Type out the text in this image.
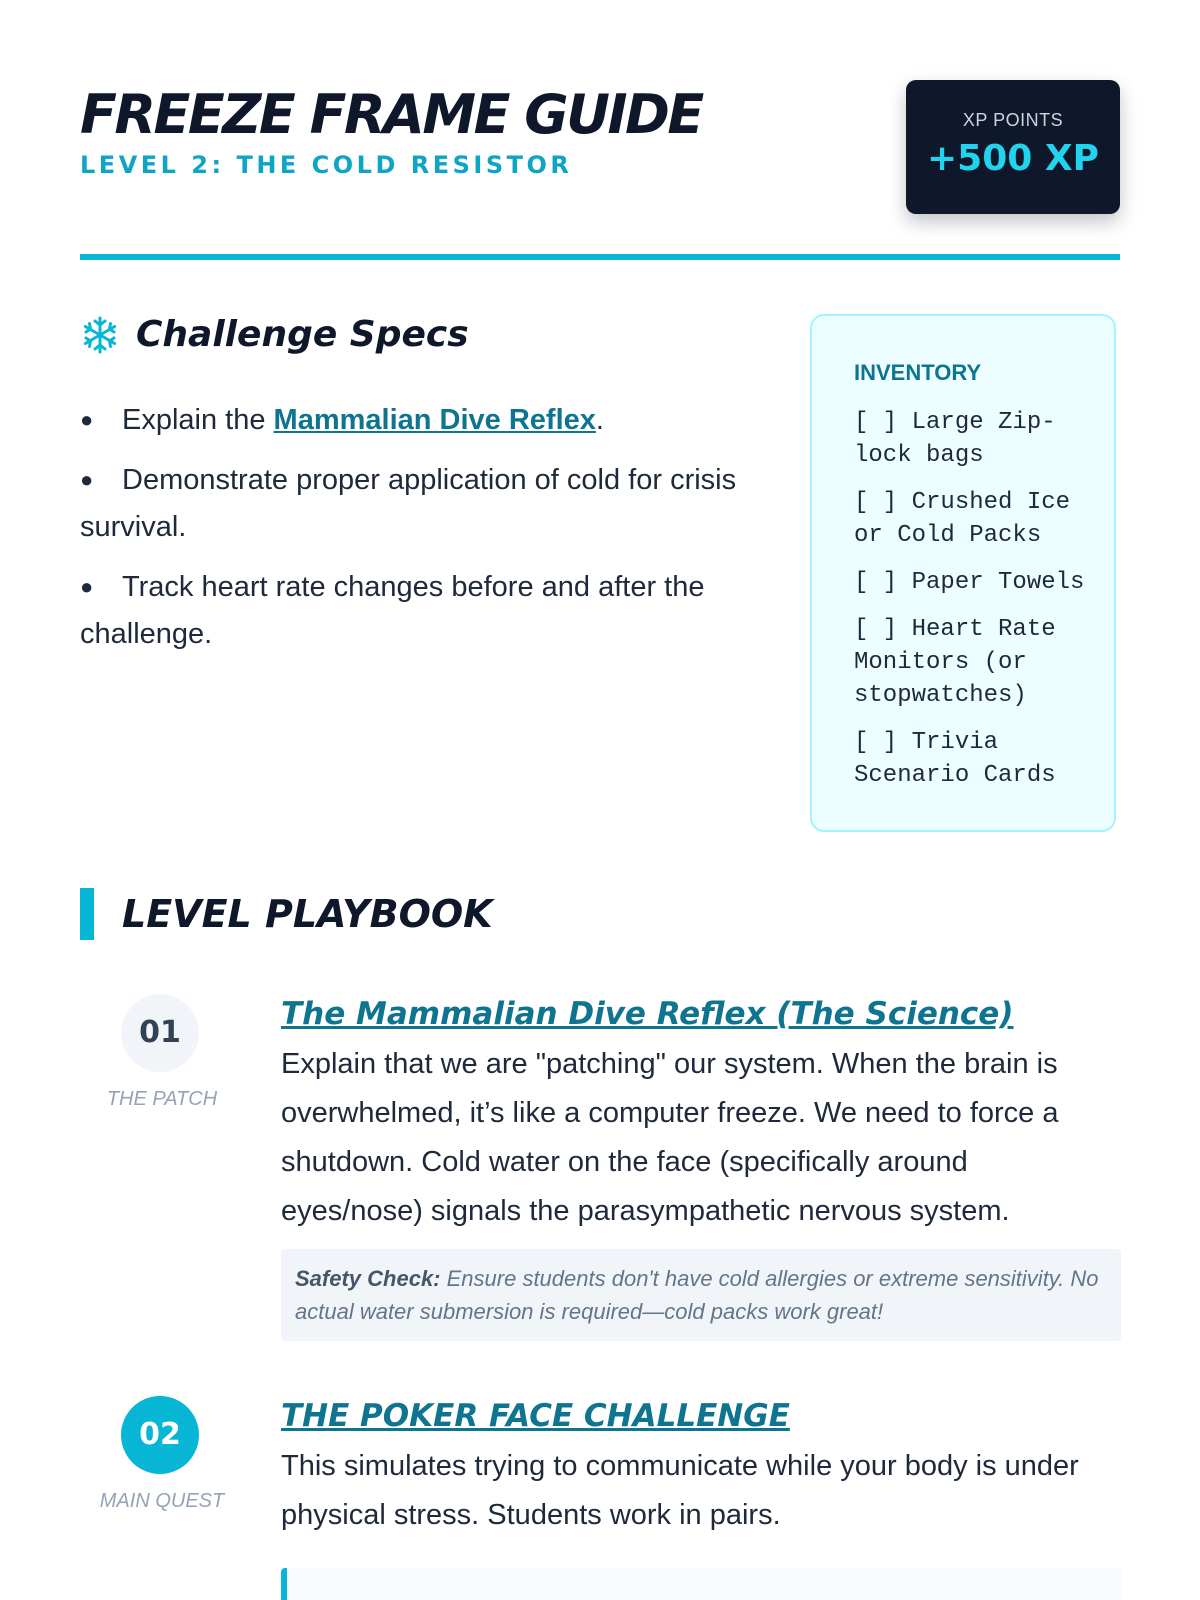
FREEZE FRAME GUIDE
LEVEL 2: THE COLD RESISTOR
XP POINTS
+500 XP
Challenge Specs
● Explain the Mammalian Dive Reflex.
● Demonstrate proper application of cold for crisis survival.
● Track heart rate changes before and after the challenge.
INVENTORY
[ ] Large Zip-lock bags
[ ] Crushed Ice or Cold Packs
[ ] Paper Towels
[ ] Heart Rate Monitors (or stopwatches)
[ ] Trivia Scenario Cards
LEVEL PLAYBOOK
01
THE PATCH
The Mammalian Dive Reflex (The Science)

Explain that we are "patching" our system. When the brain is overwhelmed, it’s like a computer freeze. We need to force a shutdown. Cold water on the face (specifically around eyes/nose) signals the parasympathetic nervous system.

Safety Check: Ensure students don't have cold allergies or extreme sensitivity. No actual water submersion is required—cold packs work great!
02
MAIN QUEST
THE POKER FACE CHALLENGE

This simulates trying to communicate while your body is under physical stress. Students work in pairs.
